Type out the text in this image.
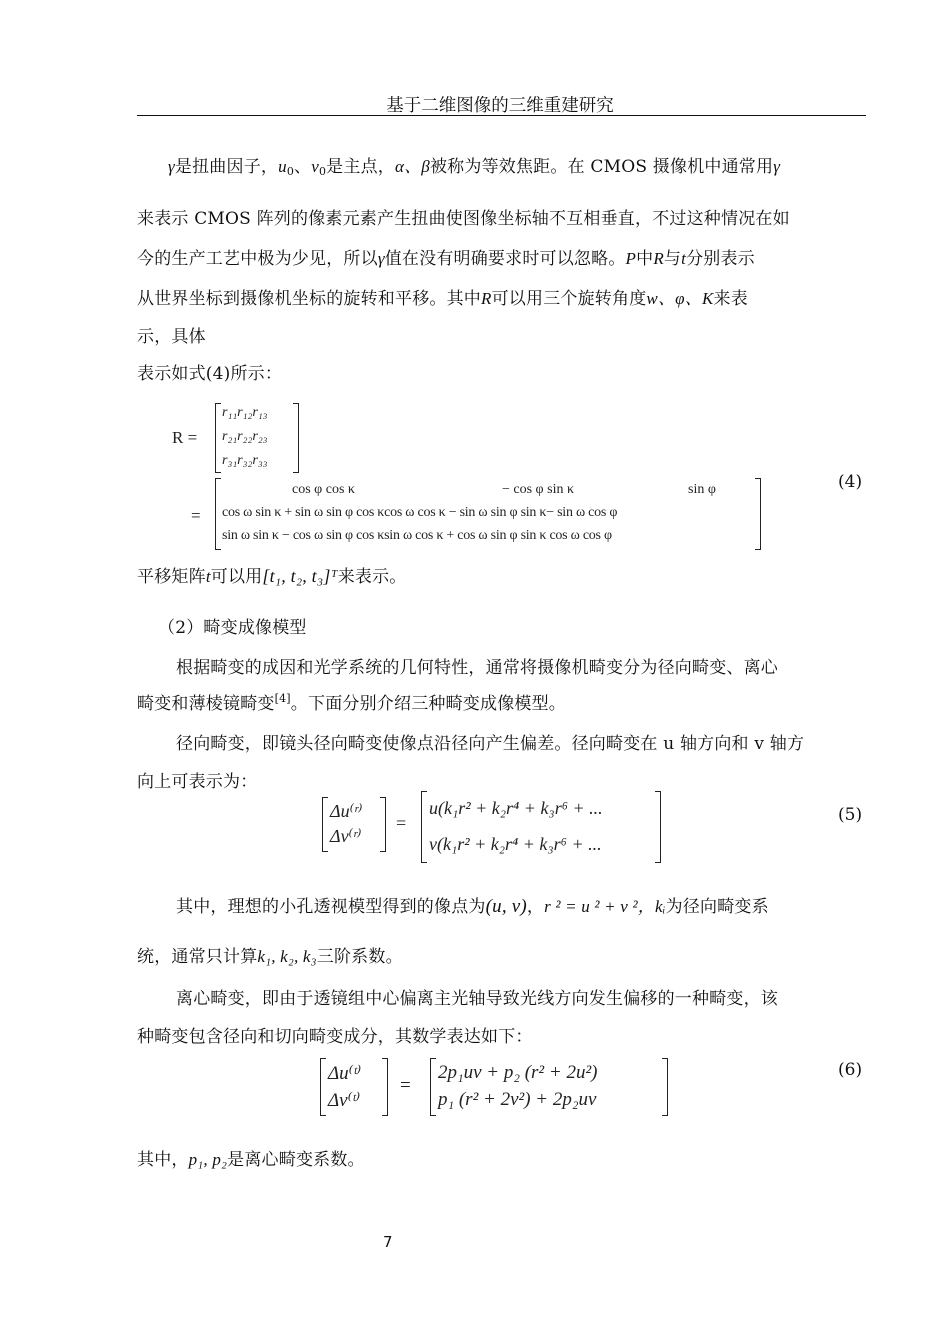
基于二维图像的三维重建研究
γ是扭曲因子，$u_0$、$v_0$是主点，α、β被称为等效焦距。在 CMOS 摄像机中通常用γ
来表示 CMOS 阵列的像素元素产生扭曲使图像坐标轴不互相垂直，不过这种情况在如
今的生产工艺中极为少见，所以γ值在没有明确要求时可以忽略。P中R与t分别表示
从世界坐标到摄像机坐标的旋转和平移。其中R可以用三个旋转角度w、φ、K来表
示，具体
表示如式(4)所示：
R =
r₁₁r₁₂r₁₃
r₂₁r₂₂r₂₃
r₃₁r₃₂r₃₃
=
cos φ cos κ	− cos φ sin κ	sin φ
cos ω sin κ + sin ω sin φ cos κcos ω cos κ − sin ω sin φ sin κ− sin ω cos φ
sin ω sin κ − cos ω sin φ cos κsin ω cos κ + cos ω sin φ sin κ cos ω cos φ
(4)
平移矩阵t可以用[t₁, t₂, t₃]ᵀ来表示。
（2）畸变成像模型
根据畸变的成因和光学系统的几何特性，通常将摄像机畸变分为径向畸变、离心
畸变和薄棱镜畸变[4]。下面分别介绍三种畸变成像模型。
径向畸变，即镜头径向畸变使像点沿径向产生偏差。径向畸变在 u 轴方向和 v 轴方
向上可表示为：
Δu⁽ʳ⁾
Δv⁽ʳ⁾
=
u(k₁r² + k₂r⁴ + k₃r⁶ + ...
v(k₁r² + k₂r⁴ + k₃r⁶ + ...
(5)
其中，理想的小孔透视模型得到的像点为(u, v)，r ² = u ² + v ²，kᵢ为径向畸变系
统，通常只计算k₁, k₂, k₃三阶系数。
离心畸变，即由于透镜组中心偏离主光轴导致光线方向发生偏移的一种畸变，该
种畸变包含径向和切向畸变成分，其数学表达如下：
Δu⁽ᵗ⁾
Δv⁽ᵗ⁾
=
2p₁uv + p₂ (r² + 2u²)
p₁ (r² + 2v²) + 2p₂uv
(6)
其中，p₁, p₂是离心畸变系数。
7
